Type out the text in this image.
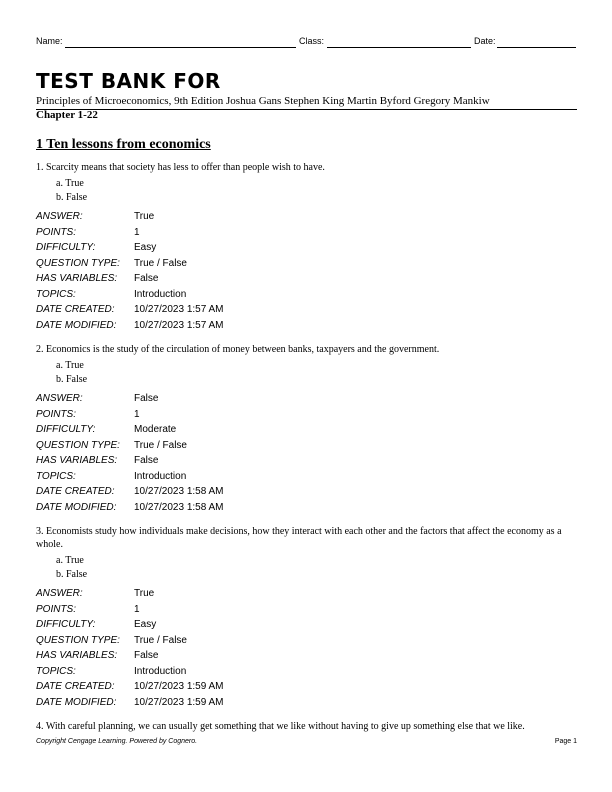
Name:	Class:	Date:
TEST BANK FOR
Principles of Microeconomics, 9th Edition Joshua Gans Stephen King Martin Byford Gregory Mankiw
Chapter 1-22
1 Ten lessons from economics

1. Scarcity means that society has less to offer than people wish to have.

a. True
b. False
ANSWER:	True
POINTS:	1
DIFFICULTY:	Easy
QUESTION TYPE: True / False
HAS VARIABLES: False
TOPICS:	Introduction
DATE CREATED: 10/27/2023 1:57 AM
DATE MODIFIED: 10/27/2023 1:57 AM

2. Economics is the study of the circulation of money between banks, taxpayers and the government.

a. True
b. False
ANSWER:	False
POINTS:	1
DIFFICULTY:	Moderate
QUESTION TYPE: True / False
HAS VARIABLES: False
TOPICS:	Introduction
DATE CREATED: 10/27/2023 1:58 AM
DATE MODIFIED: 10/27/2023 1:58 AM

3. Economists study how individuals make decisions, how they interact with each other and the factors that affect the economy as a whole.

a. True
b. False
ANSWER:	True
POINTS:	1
DIFFICULTY:	Easy
QUESTION TYPE: True / False
HAS VARIABLES: False
TOPICS:	Introduction
DATE CREATED: 10/27/2023 1:59 AM
DATE MODIFIED: 10/27/2023 1:59 AM

4. With careful planning, we can usually get something that we like without having to give up something else that we like.

Copyright Cengage Learning. Powered by Cognero.	Page 1
